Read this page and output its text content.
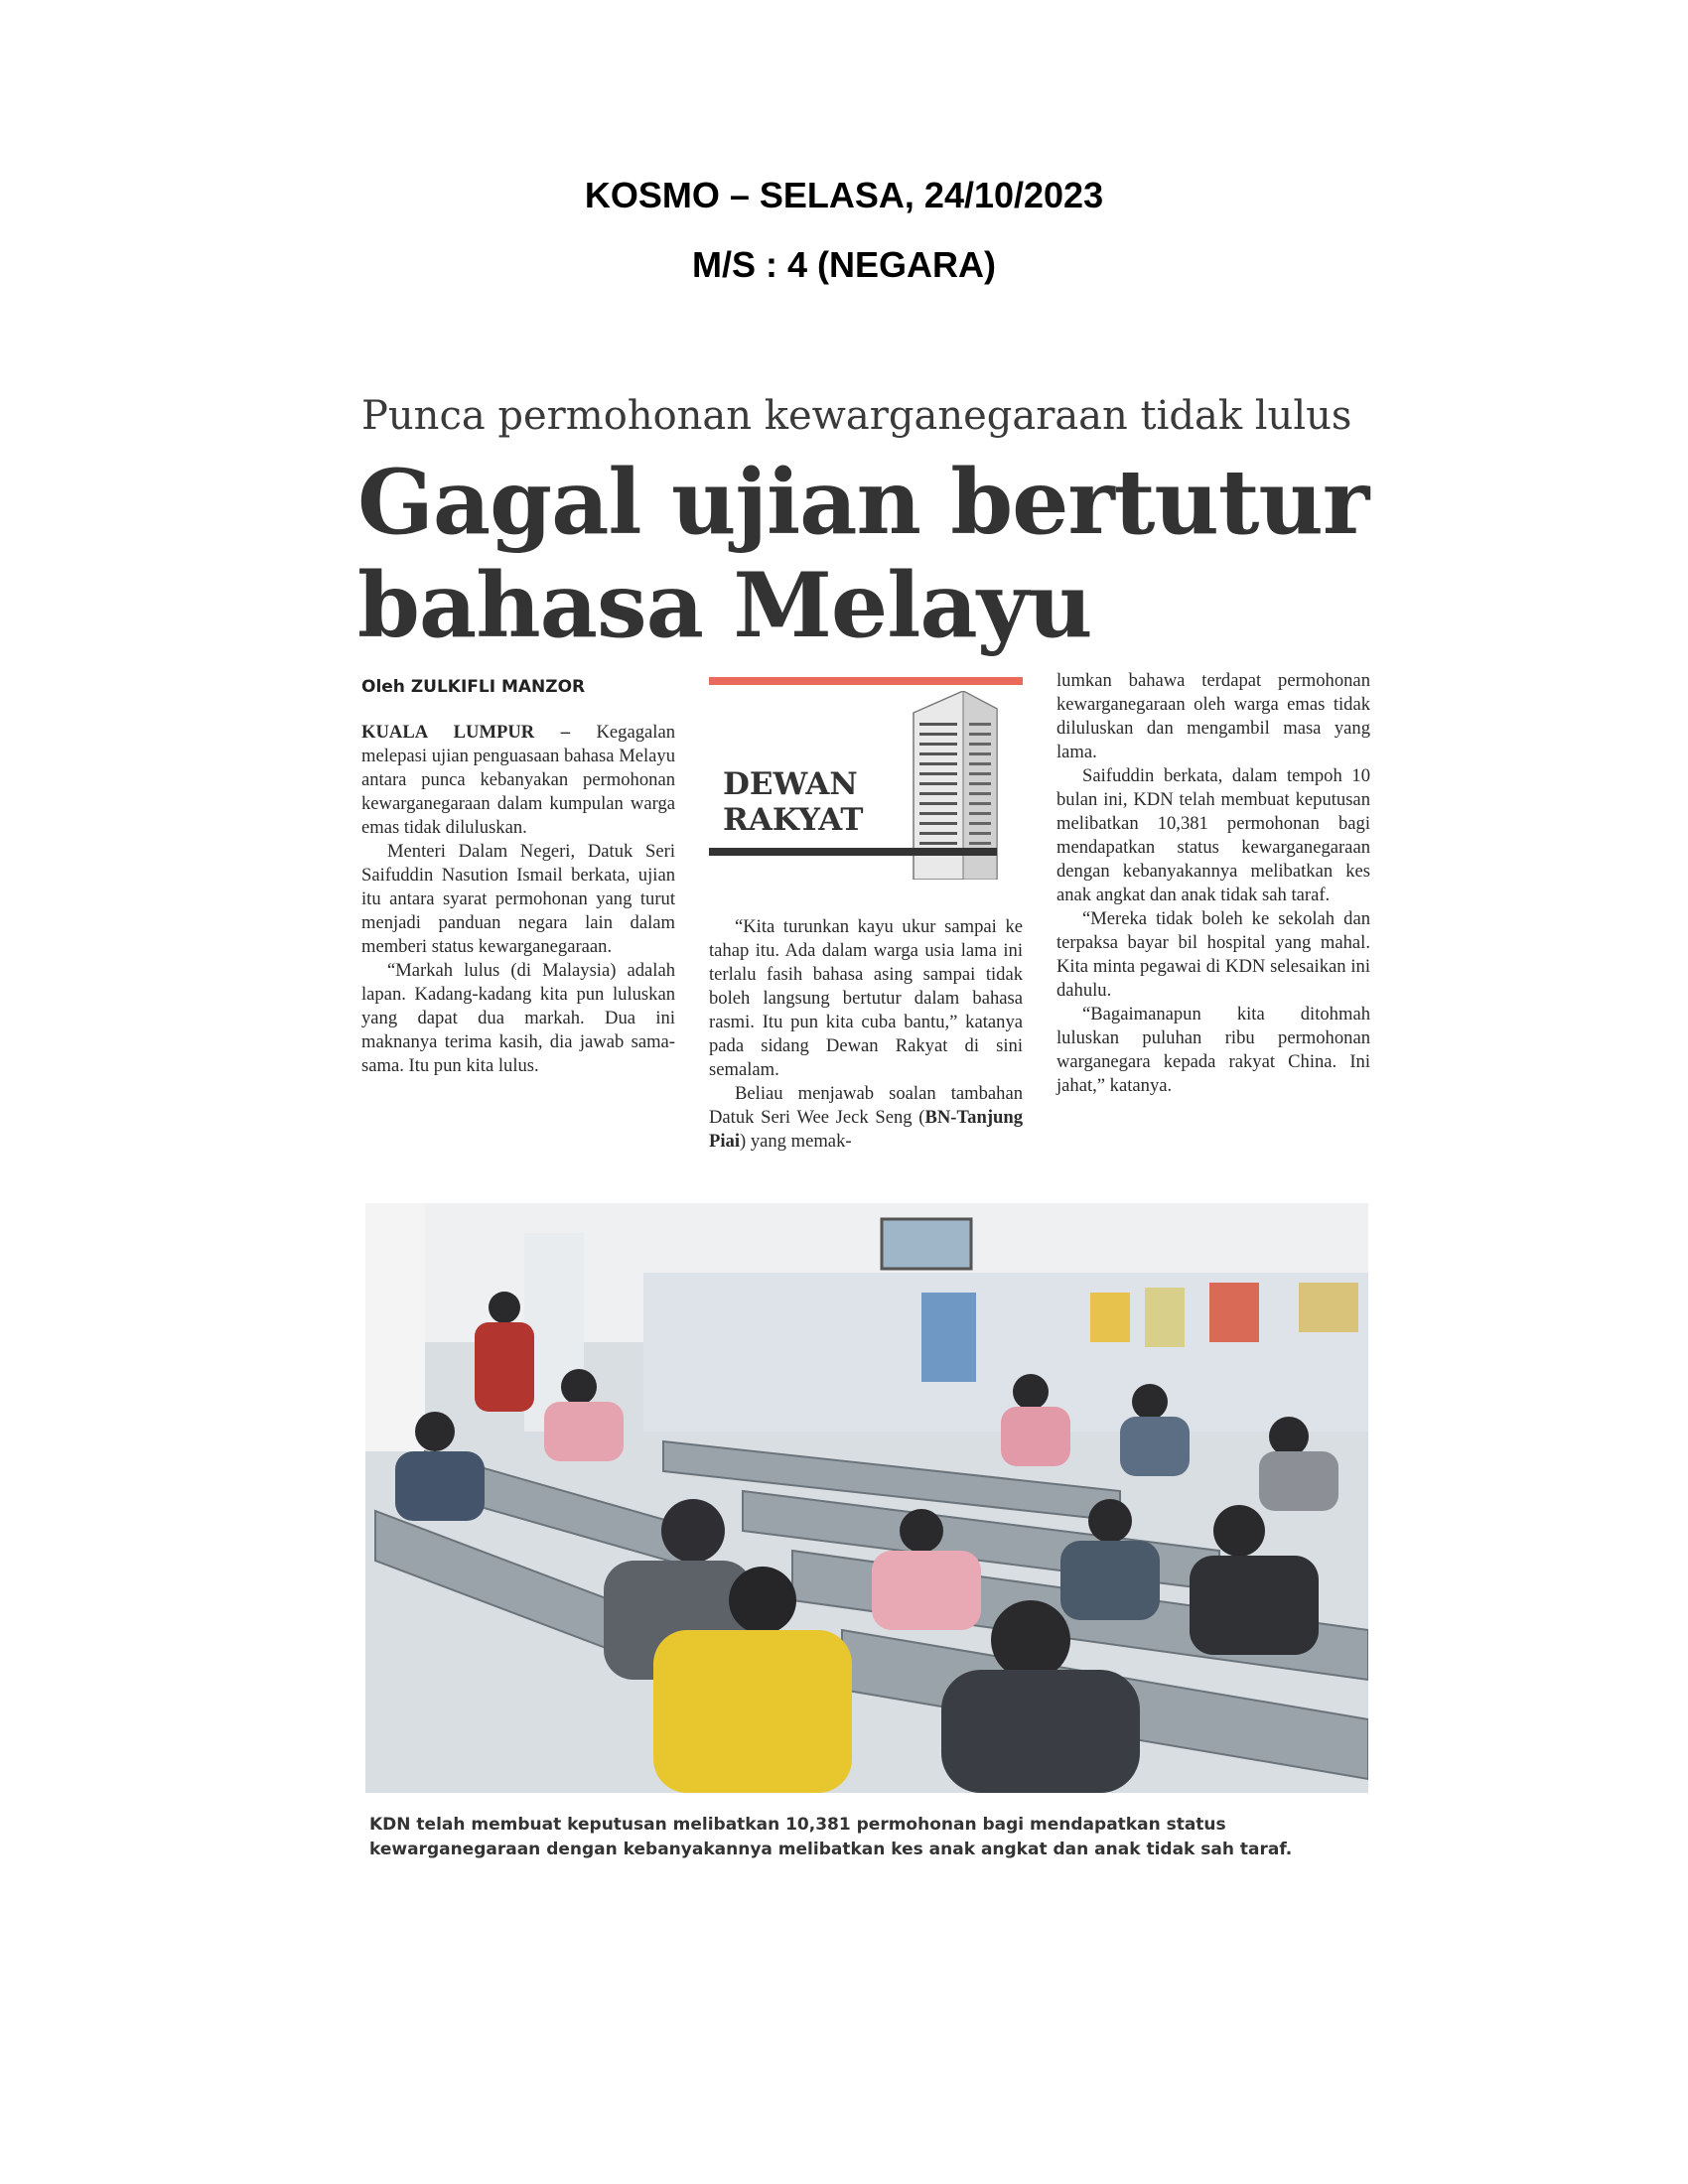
KOSMO – SELASA, 24/10/2023
M/S : 4 (NEGARA)
Punca permohonan kewarganegaraan tidak lulus
Gagal ujian bertutur
bahasa Melayu
Oleh ZULKIFLI MANZOR

KUALA LUMPUR – Kegagalan melepasi ujian penguasaan bahasa Melayu antara punca kebanyakan permohonan kewarganegaraan dalam kumpulan warga emas tidak diluluskan.

Menteri Dalam Negeri, Datuk Seri Saifuddin Nasution Ismail berkata, ujian itu antara syarat permohonan yang turut menjadi panduan negara lain dalam memberi status kewarganegaraan.

“Markah lulus (di Malaysia) adalah lapan. Kadang-kadang kita pun luluskan yang dapat dua markah. Dua ini maknanya terima kasih, dia jawab sama-sama. Itu pun kita lulus.

DEWAN
RAKYAT

“Kita turunkan kayu ukur sampai ke tahap itu. Ada dalam warga usia lama ini terlalu fasih bahasa asing sampai tidak boleh langsung bertutur dalam bahasa rasmi. Itu pun kita cuba bantu,” katanya pada sidang Dewan Rakyat di sini semalam.

Beliau menjawab soalan tambahan Datuk Seri Wee Jeck Seng (BN-Tanjung Piai) yang memak-

lumkan bahawa terdapat permohonan kewarganegaraan oleh warga emas tidak diluluskan dan mengambil masa yang lama.

Saifuddin berkata, dalam tempoh 10 bulan ini, KDN telah membuat keputusan melibatkan 10,381 permohonan bagi mendapatkan status kewarganegaraan dengan kebanyakannya melibatkan kes anak angkat dan anak tidak sah taraf.

“Mereka tidak boleh ke sekolah dan terpaksa bayar bil hospital yang mahal. Kita minta pegawai di KDN selesaikan ini dahulu.

“Bagaimanapun kita ditohmah luluskan puluhan ribu permohonan warganegara kepada rakyat China. Ini jahat,” katanya.

KDN telah membuat keputusan melibatkan 10,381 permohonan bagi mendapatkan status kewarganegaraan dengan kebanyakannya melibatkan kes anak angkat dan anak tidak sah taraf.
